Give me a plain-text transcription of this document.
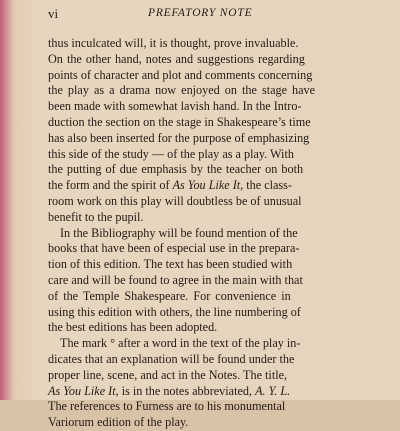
vi	PREFATORY NOTE
thus inculcated will, it is thought, prove invaluable.
On the other hand, notes and suggestions regarding
points of character and plot and comments concerning
the play as a drama now enjoyed on the stage have
been made with somewhat lavish hand. In the Intro-
duction the section on the stage in Shakespeare’s time
has also been inserted for the purpose of emphasizing
this side of the study — of the play as a play. With
the putting of due emphasis by the teacher on both
the form and the spirit of As You Like It, the class-
room work on this play will doubtless be of unusual
benefit to the pupil.
In the Bibliography will be found mention of the
books that have been of especial use in the prepara-
tion of this edition. The text has been studied with
care and will be found to agree in the main with that
of the Temple Shakespeare. For convenience in
using this edition with others, the line numbering of
the best editions has been adopted.
The mark ° after a word in the text of the play in-
dicates that an explanation will be found under the
proper line, scene, and act in the Notes. The title,
As You Like It, is in the notes abbreviated, A. Y. L.
The references to Furness are to his monumental
Variorum edition of the play.
